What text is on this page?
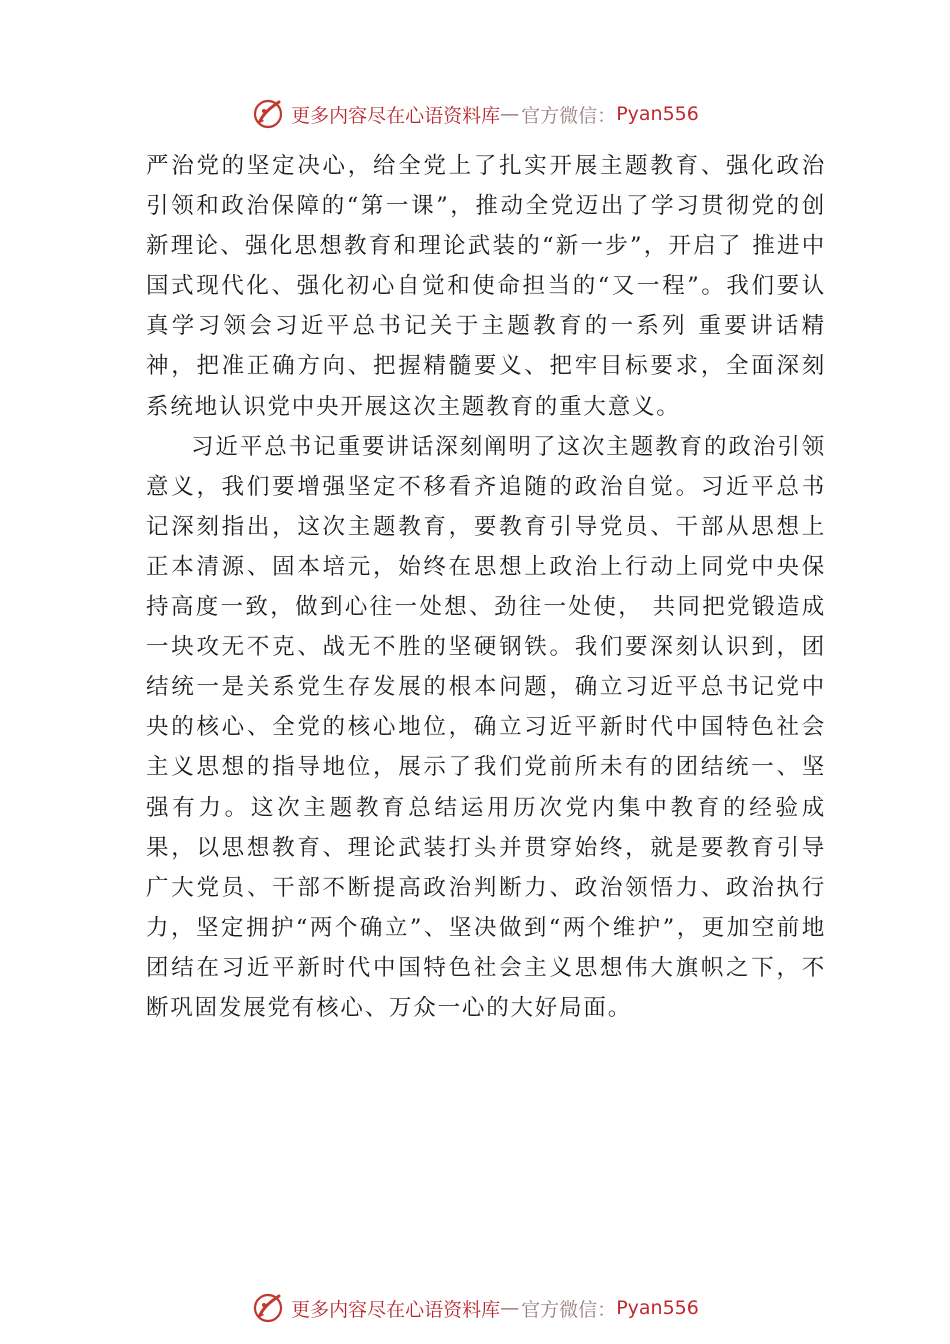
更多内容尽在心语资料库 — 官方微信： Pyan556

严治党的坚定决心，给全党上了扎实开展主题教育、强化政治引领和政治保障的“第一课”，推动全党迈出了学习贯彻党的创新理论、强化思想教育和理论武装的“新一步”，开启了 推进中国式现代化、强化初心自觉和使命担当的“又一程”。我们要认真学习领会习近平总书记关于主题教育的一系列 重要讲话精神，把准正确方向、把握精髓要义、把牢目标要求，全面深刻系统地认识党中央开展这次主题教育的重大意义。

习近平总书记重要讲话深刻阐明了这次主题教育的政治引领意义，我们要增强坚定不移看齐追随的政治自觉。习近平总书记深刻指出，这次主题教育，要教育引导党员、干部从思想上正本清源、固本培元，始终在思想上政治上行动上同党中央保持高度一致，做到心往一处想、劲往一处使， 共同把党锻造成一块攻无不克、战无不胜的坚硬钢铁。我们要深刻认识到，团结统一是关系党生存发展的根本问题，确立习近平总书记党中央的核心、全党的核心地位，确立习近平新时代中国特色社会主义思想的指导地位，展示了我们党前所未有的团结统一、坚强有力。这次主题教育总结运用历次党内集中教育的经验成果，以思想教育、理论武装打头并贯穿始终，就是要教育引导广大党员、干部不断提高政治判断力、政治领悟力、政治执行力，坚定拥护“两个确立”、坚决做到“两个维护”，更加空前地团结在习近平新时代中国特色社会主义思想伟大旗帜之下，不断巩固发展党有核心、万众一心的大好局面。

更多内容尽在心语资料库 — 官方微信： Pyan556
